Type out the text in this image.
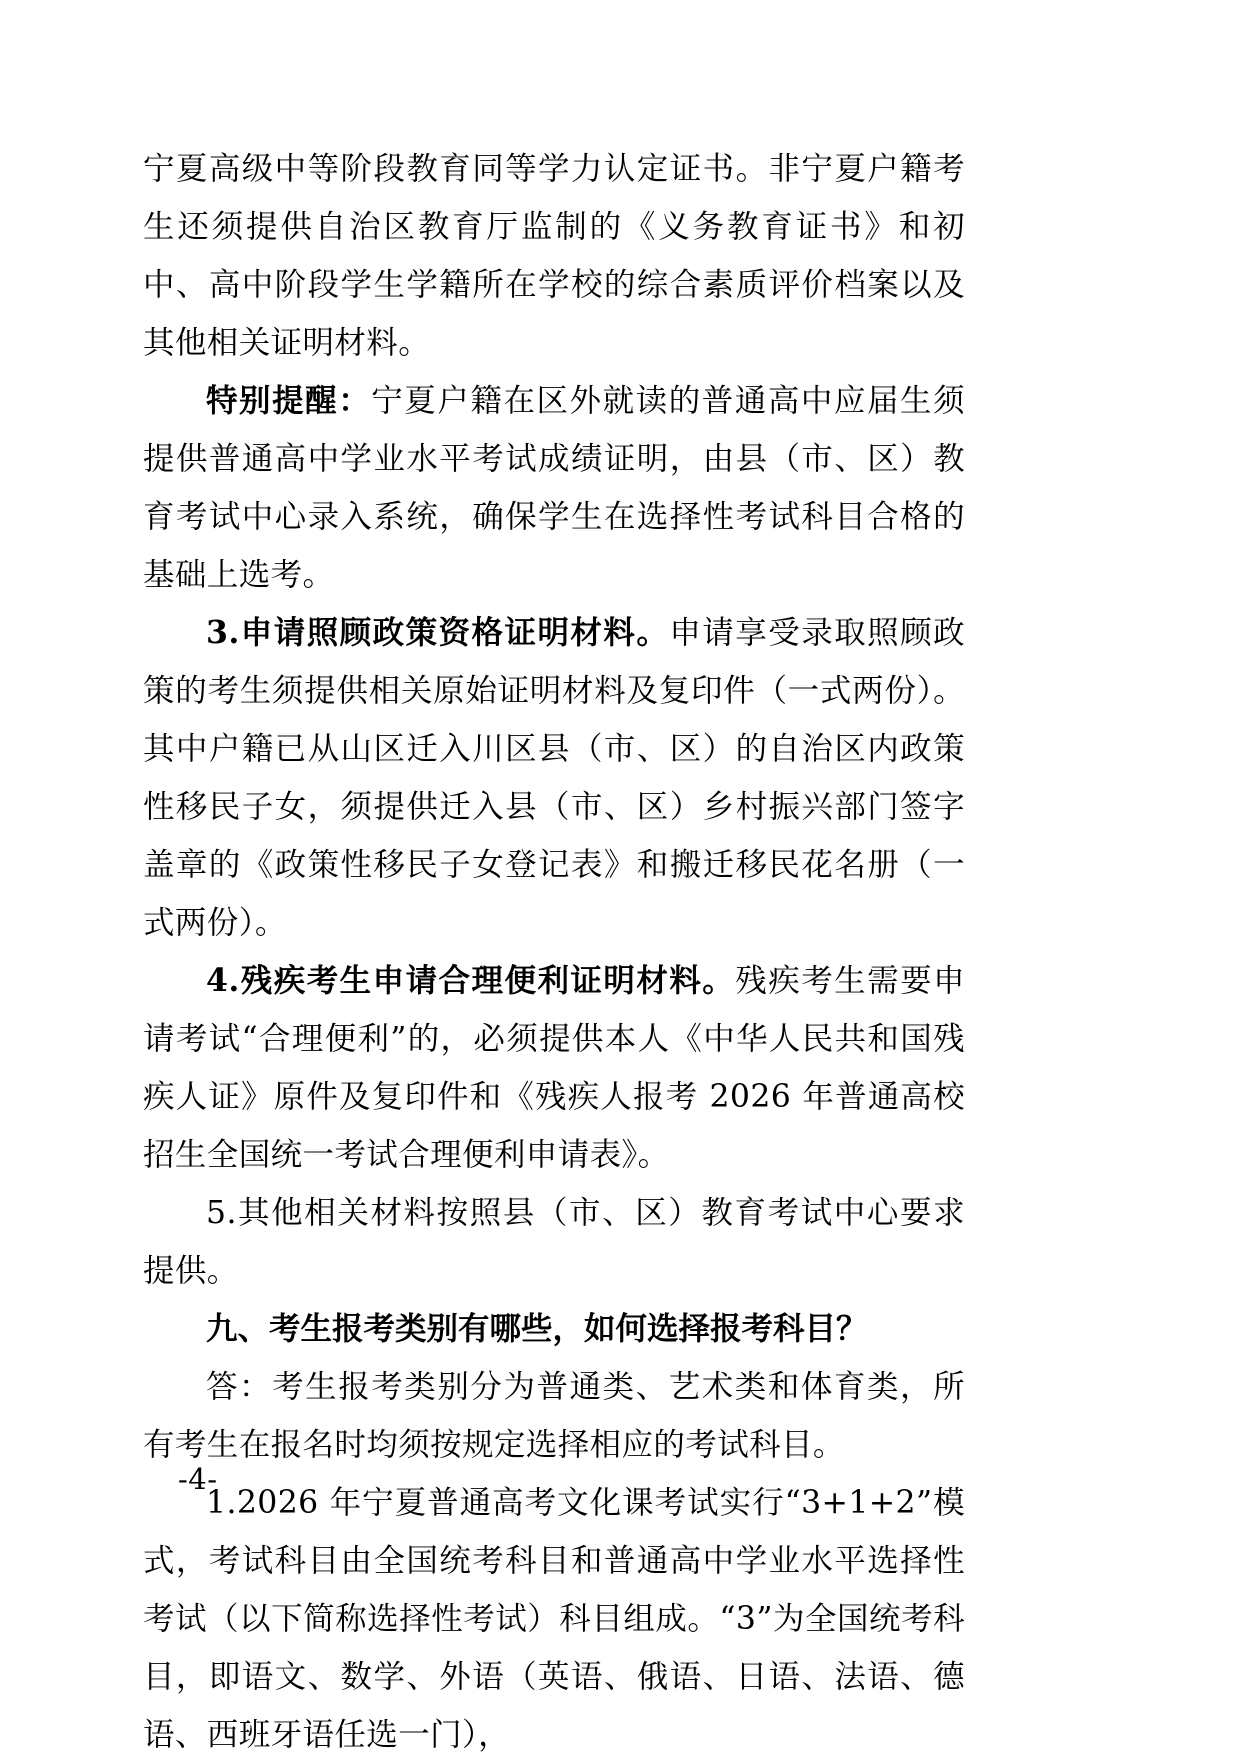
宁夏高级中等阶段教育同等学力认定证书。非宁夏户籍考生还须提供自治区教育厅监制的《义务教育证书》和初中、高中阶段学生学籍所在学校的综合素质评价档案以及其他相关证明材料。

特别提醒：宁夏户籍在区外就读的普通高中应届生须提供普通高中学业水平考试成绩证明，由县（市、区）教育考试中心录入系统，确保学生在选择性考试科目合格的基础上选考。

3.申请照顾政策资格证明材料。申请享受录取照顾政策的考生须提供相关原始证明材料及复印件（一式两份）。其中户籍已从山区迁入川区县（市、区）的自治区内政策性移民子女，须提供迁入县（市、区）乡村振兴部门签字盖章的《政策性移民子女登记表》和搬迁移民花名册（一式两份）。

4.残疾考生申请合理便利证明材料。残疾考生需要申请考试“合理便利”的，必须提供本人《中华人民共和国残疾人证》原件及复印件和《残疾人报考 2026 年普通高校招生全国统一考试合理便利申请表》。

5.其他相关材料按照县（市、区）教育考试中心要求提供。

九、考生报考类别有哪些，如何选择报考科目？

答：考生报考类别分为普通类、艺术类和体育类，所有考生在报名时均须按规定选择相应的考试科目。

1.2026 年宁夏普通高考文化课考试实行“3+1+2”模式，考试科目由全国统考科目和普通高中学业水平选择性考试（以下简称选择性考试）科目组成。“3”为全国统考科目，即语文、数学、外语（英语、俄语、日语、法语、德语、西班牙语任选一门），

-4-
